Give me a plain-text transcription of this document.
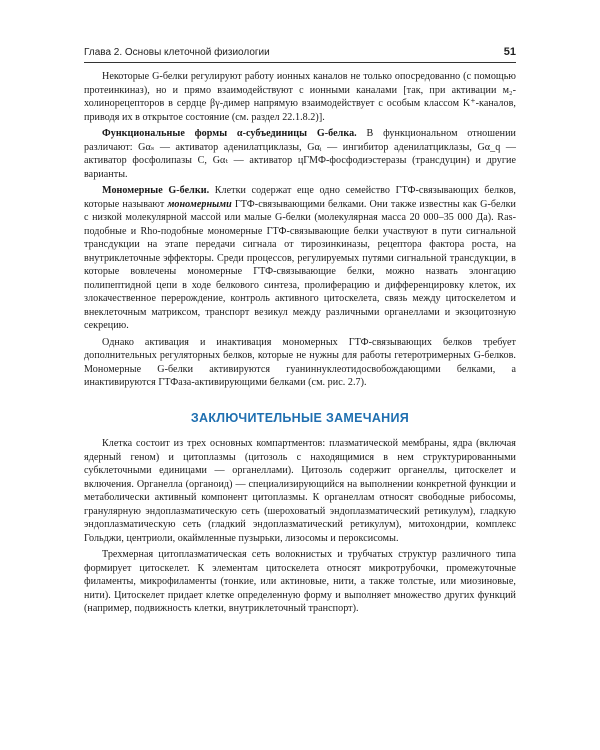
Глава 2. Основы клеточной физиологии	51

Некоторые G-белки регулируют работу ионных каналов не только опосредованно (с помощью протеинкиназ), но и прямо взаимодействуют с ионными каналами [так, при активации м₂-холинорецепторов в сердце βγ-димер напрямую взаимодействует с особым классом K⁺-каналов, приводя их в открытое состояние (см. раздел 22.1.8.2)].

Функциональные формы α-субъединицы G-белка. В функциональном отношении различают: Gαₛ — активатор аденилатциклазы, Gαᵢ — ингибитор аденилатциклазы, Gα_q — активатор фосфолипазы C, Gαₜ — активатор цГМФ-фосфодиэстеразы (трансдуцин) и другие варианты.

Мономерные G-белки. Клетки содержат еще одно семейство ГТФ-связывающих белков, которые называют мономерными ГТФ-связывающими белками. Они также известны как G-белки с низкой молекулярной массой или малые G-белки (молекулярная масса 20 000–35 000 Да). Ras-подобные и Rho-подобные мономерные ГТФ-связывающие белки участвуют в пути сигнальной трансдукции на этапе передачи сигнала от тирозинкиназы, рецептора фактора роста, на внутриклеточные эффекторы. Среди процессов, регулируемых путями сигнальной трансдукции, в которые вовлечены мономерные ГТФ-связывающие белки, можно назвать элонгацию полипептидной цепи в ходе белкового синтеза, пролиферацию и дифференцировку клеток, их злокачественное перерождение, контроль активного цитоскелета, связь между цитоскелетом и внеклеточным матриксом, транспорт везикул между различными органеллами и экзоцитозную секрецию.

Однако активация и инактивация мономерных ГТФ-связывающих белков требует дополнительных регуляторных белков, которые не нужны для работы гетеротримерных G-белков. Мономерные G-белки активируются гуаниннуклеотидосвобождающими белками, а инактивируются ГТФаза-активирующими белками (см. рис. 2.7).

ЗАКЛЮЧИТЕЛЬНЫЕ ЗАМЕЧАНИЯ

Клетка состоит из трех основных компартментов: плазматической мембраны, ядра (включая ядерный геном) и цитоплазмы (цитозоль с находящимися в нем структурированными субклеточными единицами — органеллами). Цитозоль содержит органеллы, цитоскелет и включения. Органелла (органоид) — специализирующийся на выполнении конкретной функции и метаболически активный компонент цитоплазмы. К органеллам относят свободные рибосомы, гранулярную эндоплазматическую сеть (шероховатый эндоплазматический ретикулум), гладкую эндоплазматическую сеть (гладкий эндоплазматический ретикулум), митохондрии, комплекс Гольджи, центриоли, окаймленные пузырьки, лизосомы и пероксисомы.

Трехмерная цитоплазматическая сеть волокнистых и трубчатых структур различного типа формирует цитоскелет. К элементам цитоскелета относят микротрубочки, промежуточные филаменты, микрофиламенты (тонкие, или актиновые, нити, а также толстые, или миозиновые, нити). Цитоскелет придает клетке определенную форму и выполняет множество других функций (например, подвижность клетки, внутриклеточный транспорт).
